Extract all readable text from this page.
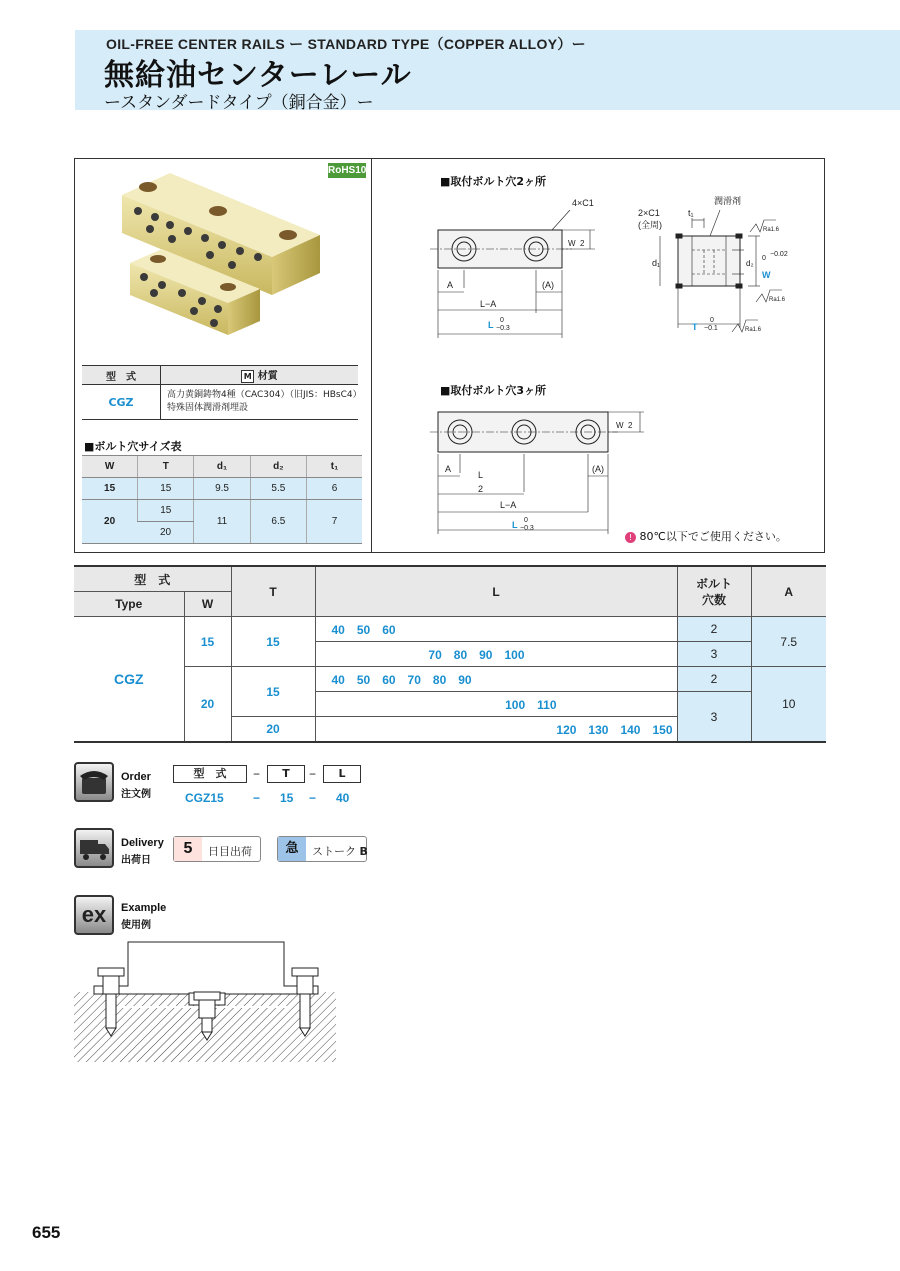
OIL-FREE CENTER RAILS ー STANDARD TYPE（COPPER ALLOY）ー
無給油センターレール
ースタンダードタイプ（銅合金）ー
RoHS10
型　式	M 材質
CGZ	高力黄銅鋳物4種（CAC304）（旧JIS：HBsC4）
特殊固体潤滑剤埋設
■ボルト穴サイズ表
W	T	d₁	d₂	t₁
15	15	9.5	5.5	6
20	15	11	6.5	7
	20			
■取付ボルト穴2ヶ所
■取付ボルト穴3ヶ所
4×C1
W 2
A	(A)
L−A
L 0
−0.3
2×C1
(全周)
t₁
潤滑剤
Ra1.6
Ra1.6
Ra1.6
d₁	d₂
W
0
−0.02
T
0
−0.1
W 2
A	(A)
L
2
L−A
L 0
−0.3
! 80℃以下でご使用ください。
型　式		T	L	ボルト穴数	A
Type	W				
CGZ	15	15	40　50　60	2	7.5
			70　80　90　100	3	
	20	15	40　50　60　70　80　90	2	10
			100　110	3	
		20	120　130　140　150		
Order
注文例
型　式	−	T	−	L
CGZ15 − 15 − 40
Delivery
出荷日
5	日目出荷	急	ストーク B
ex	Example
使用例
655
